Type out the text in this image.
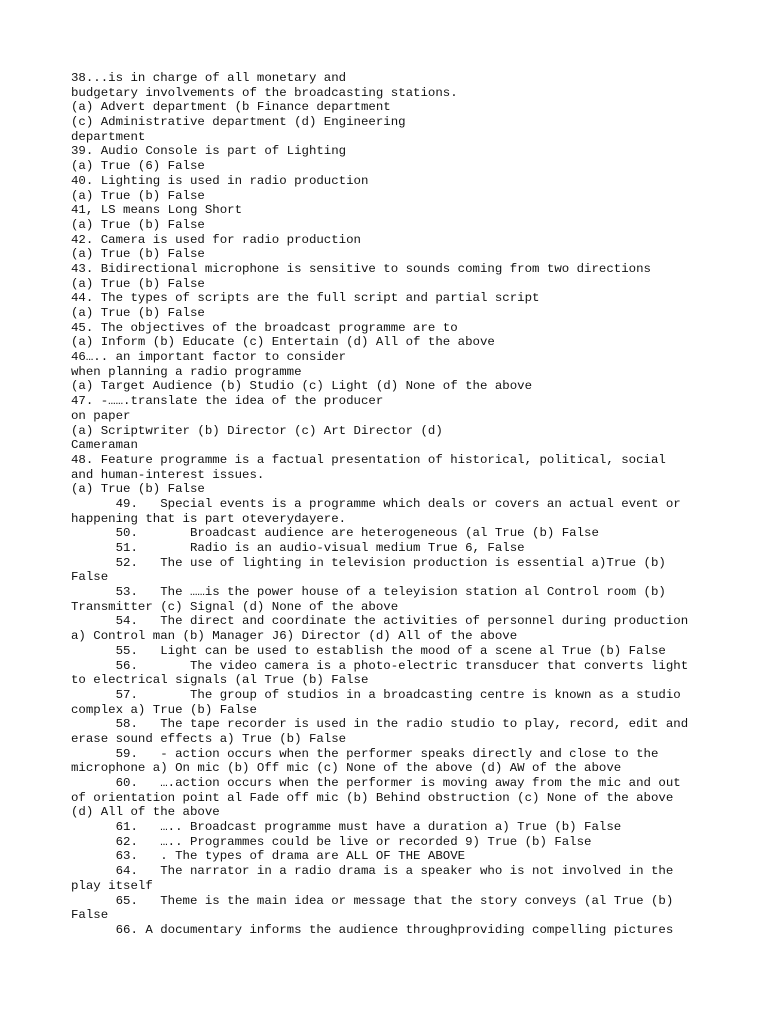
38...is in charge of all monetary and
budgetary involvements of the broadcasting stations.
(a) Advert department (b Finance department
(c) Administrative department (d) Engineering
department
39. Audio Console is part of Lighting
(a) True (6) False
40. Lighting is used in radio production
(a) True (b) False
41, LS means Long Short
(a) True (b) False
42. Camera is used for radio production
(a) True (b) False
43. Bidirectional microphone is sensitive to sounds coming from two directions
(a) True (b) False
44. The types of scripts are the full script and partial script
(a) True (b) False
45. The objectives of the broadcast programme are to
(a) Inform (b) Educate (c) Entertain (d) All of the above
46….. an important factor to consider
when planning a radio programme
(a) Target Audience (b) Studio (c) Light (d) None of the above
47. -…….translate the idea of the producer
on paper
(a) Scriptwriter (b) Director (c) Art Director (d)
Cameraman
48. Feature programme is a factual presentation of historical, political, social
and human-interest issues.
(a) True (b) False
49.   Special events is a programme which deals or covers an actual event or
happening that is part oteverydayere.
50.       Broadcast audience are heterogeneous (al True (b) False
51.       Radio is an audio-visual medium True 6, False
52.   The use of lighting in television production is essential a)True (b)
False
53.   The ……is the power house of a teleyision station al Control room (b)
Transmitter (c) Signal (d) None of the above
54.   The direct and coordinate the activities of personnel during production
a) Control man (b) Manager J6) Director (d) All of the above
55.   Light can be used to establish the mood of a scene al True (b) False
56.       The video camera is a photo-electric transducer that converts light
to electrical signals (al True (b) False
57.       The group of studios in a broadcasting centre is known as a studio
complex a) True (b) False
58.   The tape recorder is used in the radio studio to play, record, edit and
erase sound effects a) True (b) False
59.   - action occurs when the performer speaks directly and close to the
microphone a) On mic (b) Off mic (c) None of the above (d) AW of the above
60.   ….action occurs when the performer is moving away from the mic and out
of orientation point al Fade off mic (b) Behind obstruction (c) None of the above
(d) All of the above
61.   ….. Broadcast programme must have a duration a) True (b) False
62.   ….. Programmes could be live or recorded 9) True (b) False
63.   . The types of drama are ALL OF THE ABOVE
64.   The narrator in a radio drama is a speaker who is not involved in the
play itself
65.   Theme is the main idea or message that the story conveys (al True (b)
False
66. A documentary informs the audience throughproviding compelling pictures
